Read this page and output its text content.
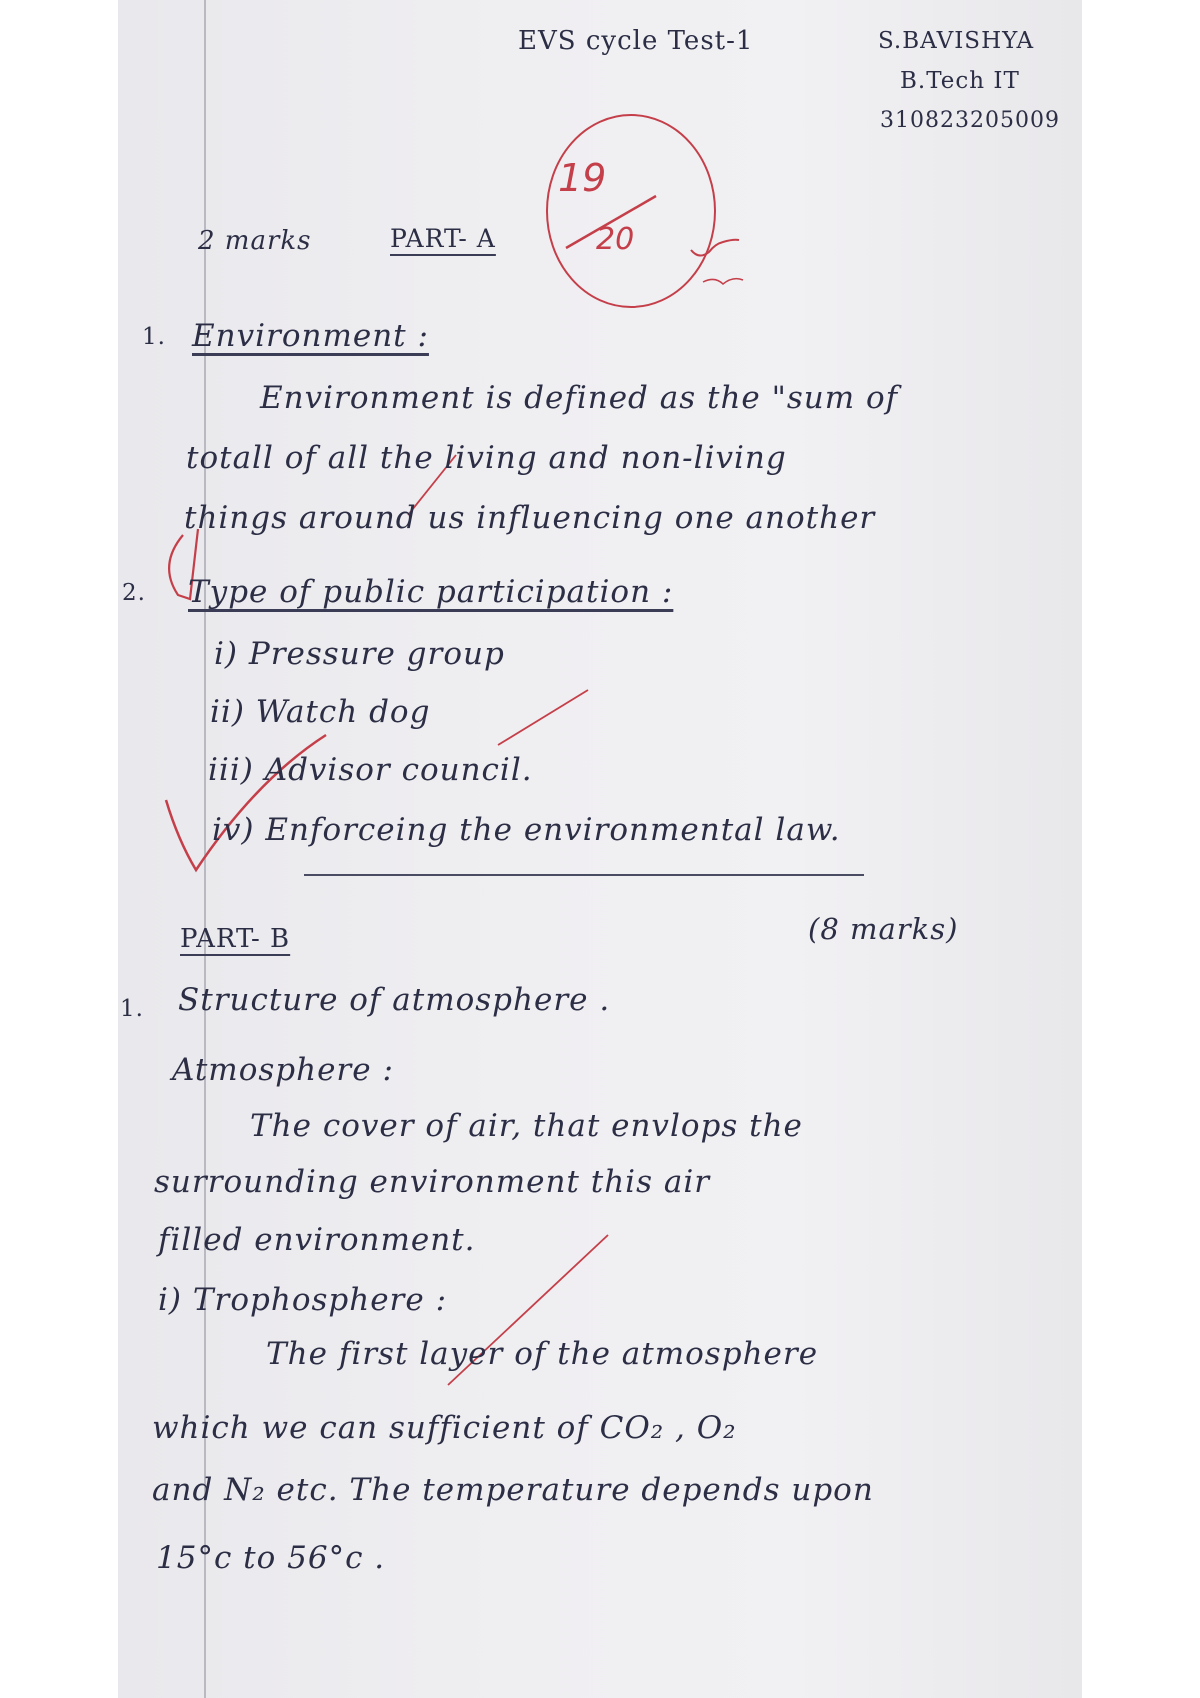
EVS cycle Test-1	S.BAVISHYA
B.Tech IT
310823205009
19
20
2 marks	PART- A
1. Environment :
Environment is defined as the "sum of
totall of all the living and non-living
things around us influencing one another
2. Type of public participation :
i) Pressure group
ii) Watch dog
iii) Advisor council.
iv) Enforceing the environmental law.
PART- B	(8 marks)
1. Structure of atmosphere .
Atmosphere :
The cover of air, that envlops the
surrounding environment this air
filled environment.
i) Trophosphere :
The first layer of the atmosphere
which we can sufficient of CO₂ , O₂
and N₂ etc. The temperature depends upon
15°c to 56°c .
